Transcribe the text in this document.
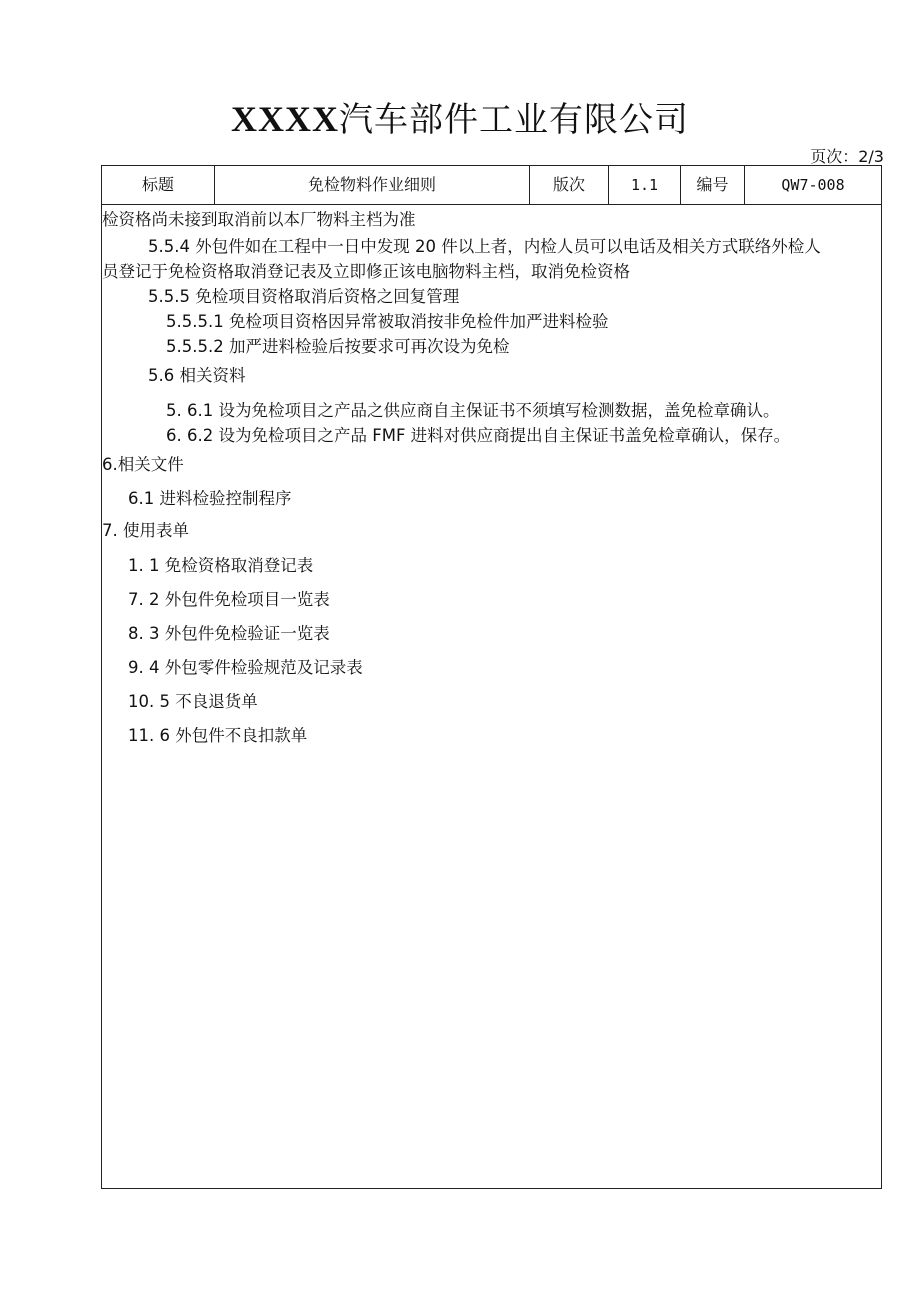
XXXX汽车部件工业有限公司
页次：2/3
标题	免检物料作业细则	版次	1.1	编号	QW7-008
检资格尚未接到取消前以本厂物料主档为准
5.5.4 外包件如在工程中一日中发现 20 件以上者，内检人员可以电话及相关方式联络外检人
员登记于免检资格取消登记表及立即修正该电脑物料主档，取消免检资格
5.5.5 免检项目资格取消后资格之回复管理
5.5.5.1 免检项目资格因异常被取消按非免检件加严进料检验
5.5.5.2 加严进料检验后按要求可再次设为免检
5.6 相关资料
5. 6.1 设为免检项目之产品之供应商自主保证书不须填写检测数据，盖免检章确认。
6. 6.2 设为免检项目之产品 FMF 进料对供应商提出自主保证书盖免检章确认，保存。
6.相关文件
6.1 进料检验控制程序
7. 使用表单
1. 1 免检资格取消登记表
7. 2 外包件免检项目一览表
8. 3 外包件免检验证一览表
9. 4 外包零件检验规范及记录表
10. 5 不良退货单
11. 6 外包件不良扣款单
